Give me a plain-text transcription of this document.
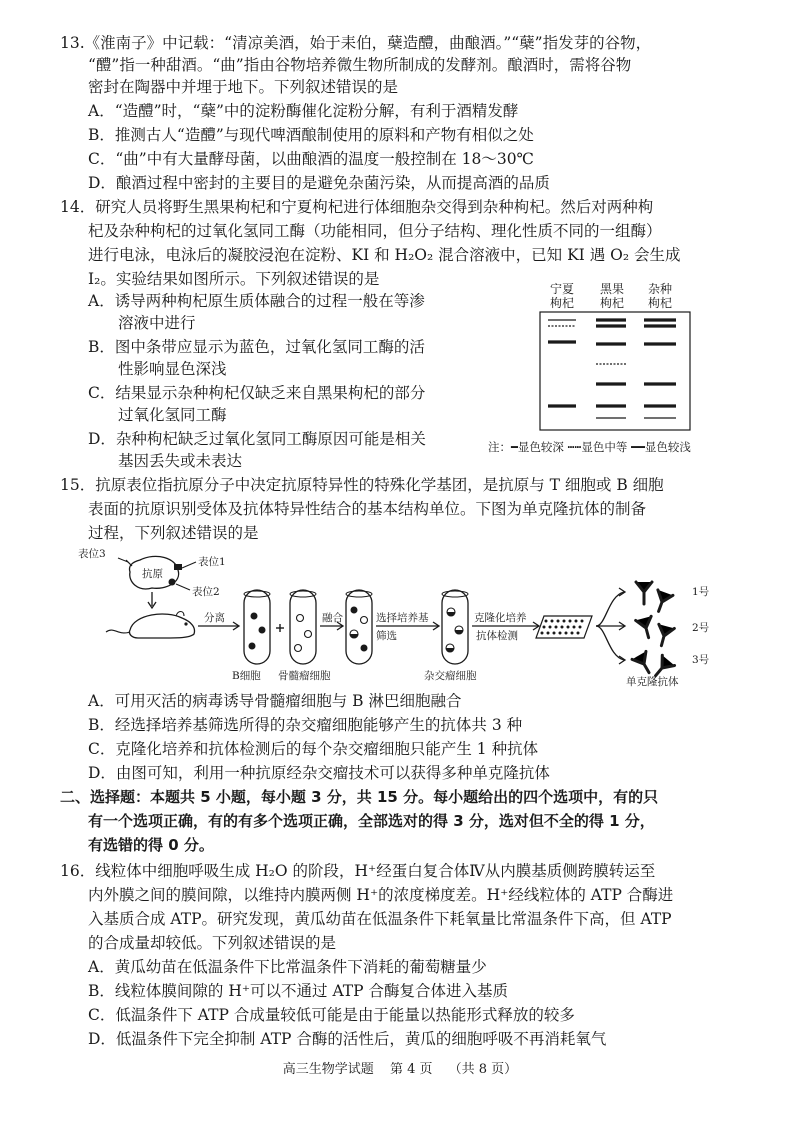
13.《淮南子》中记载：“清凉美酒，始于耒伯，蘖造醴，曲酿酒。”“蘖”指发芽的谷物，
“醴”指一种甜酒。“曲”指由谷物培养微生物所制成的发酵剂。酿酒时，需将谷物
密封在陶器中并埋于地下。下列叙述错误的是
A．“造醴”时，“蘖”中的淀粉酶催化淀粉分解，有利于酒精发酵
B．推测古人“造醴”与现代啤酒酿制使用的原料和产物有相似之处
C．“曲”中有大量酵母菌，以曲酿酒的温度一般控制在 18～30℃
D．酿酒过程中密封的主要目的是避免杂菌污染，从而提高酒的品质
14．研究人员将野生黑果枸杞和宁夏枸杞进行体细胞杂交得到杂种枸杞。然后对两种枸
杞及杂种枸杞的过氧化氢同工酶（功能相同，但分子结构、理化性质不同的一组酶）
进行电泳，电泳后的凝胶浸泡在淀粉、KI 和 H₂O₂ 混合溶液中，已知 KI 遇 O₂ 会生成
I₂。实验结果如图所示。下列叙述错误的是
A．诱导两种枸杞原生质体融合的过程一般在等渗
溶液中进行
B．图中条带应显示为蓝色，过氧化氢同工酶的活
性影响显色深浅
C．结果显示杂种枸杞仅缺乏来自黑果枸杞的部分
过氧化氢同工酶
D．杂种枸杞缺乏过氧化氢同工酶原因可能是相关
基因丢失或未表达
宁夏
枸杞
黑果
枸杞
杂种
枸杞
注：━显色较深 ┅┅显色中等 ━━显色较浅
15．抗原表位指抗原分子中决定抗原特异性的特殊化学基团，是抗原与 T 细胞或 B 细胞
表面的抗原识别受体及抗体特异性结合的基本结构单位。下图为单克隆抗体的制备
过程，下列叙述错误的是
表位3
表位1
表位2
抗原
分离	融合	选择培养基
筛选
克隆化培养
抗体检测
B细胞 骨髓瘤细胞	杂交瘤细胞
1号
2号
3号
单克隆抗体
A．可用灭活的病毒诱导骨髓瘤细胞与 B 淋巴细胞融合
B．经选择培养基筛选所得的杂交瘤细胞能够产生的抗体共 3 种
C．克隆化培养和抗体检测后的每个杂交瘤细胞只能产生 1 种抗体
D．由图可知，利用一种抗原经杂交瘤技术可以获得多种单克隆抗体
二、选择题：本题共 5 小题，每小题 3 分，共 15 分。每小题给出的四个选项中，有的只
有一个选项正确，有的有多个选项正确，全部选对的得 3 分，选对但不全的得 1 分，
有选错的得 0 分。
16．线粒体中细胞呼吸生成 H₂O 的阶段，H⁺经蛋白复合体Ⅳ从内膜基质侧跨膜转运至
内外膜之间的膜间隙，以维持内膜两侧 H⁺的浓度梯度差。H⁺经线粒体的 ATP 合酶进
入基质合成 ATP。研究发现，黄瓜幼苗在低温条件下耗氧量比常温条件下高，但 ATP
的合成量却较低。下列叙述错误的是
A．黄瓜幼苗在低温条件下比常温条件下消耗的葡萄糖量少
B．线粒体膜间隙的 H⁺可以不通过 ATP 合酶复合体进入基质
C．低温条件下 ATP 合成量较低可能是由于能量以热能形式释放的较多
D．低温条件下完全抑制 ATP 合酶的活性后，黄瓜的细胞呼吸不再消耗氧气
高三生物学试题 第 4 页 （共 8 页）
